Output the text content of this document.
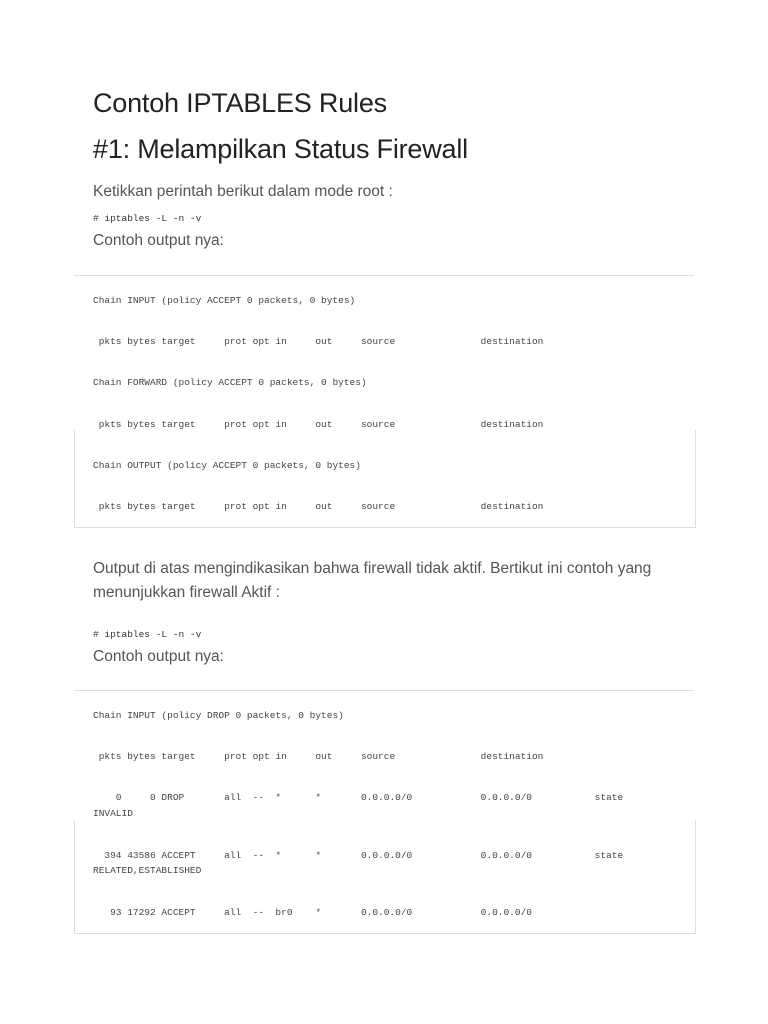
Contoh IPTABLES Rules
#1: Melampilkan Status Firewall
Ketikkan perintah berikut dalam mode root :
# iptables -L -n -v
Contoh output nya:
Chain INPUT (policy ACCEPT 0 packets, 0 bytes)
pkts bytes target     prot opt in     out     source               destination
Chain FORWARD (policy ACCEPT 0 packets, 0 bytes)
pkts bytes target     prot opt in     out     source               destination
Chain OUTPUT (policy ACCEPT 0 packets, 0 bytes)
pkts bytes target     prot opt in     out     source               destination
Output di atas mengindikasikan bahwa firewall tidak aktif. Bertikut ini contoh yang menunjukkan firewall Aktif :
# iptables -L -n -v
Contoh output nya:
Chain INPUT (policy DROP 0 packets, 0 bytes)
pkts bytes target     prot opt in     out     source               destination
0     0 DROP       all  --  *      *       0.0.0.0/0            0.0.0.0/0           state
INVALID
394 43586 ACCEPT     all  --  *      *       0.0.0.0/0            0.0.0.0/0           state
RELATED,ESTABLISHED
93 17292 ACCEPT     all  --  br0    *       0.0.0.0/0            0.0.0.0/0
